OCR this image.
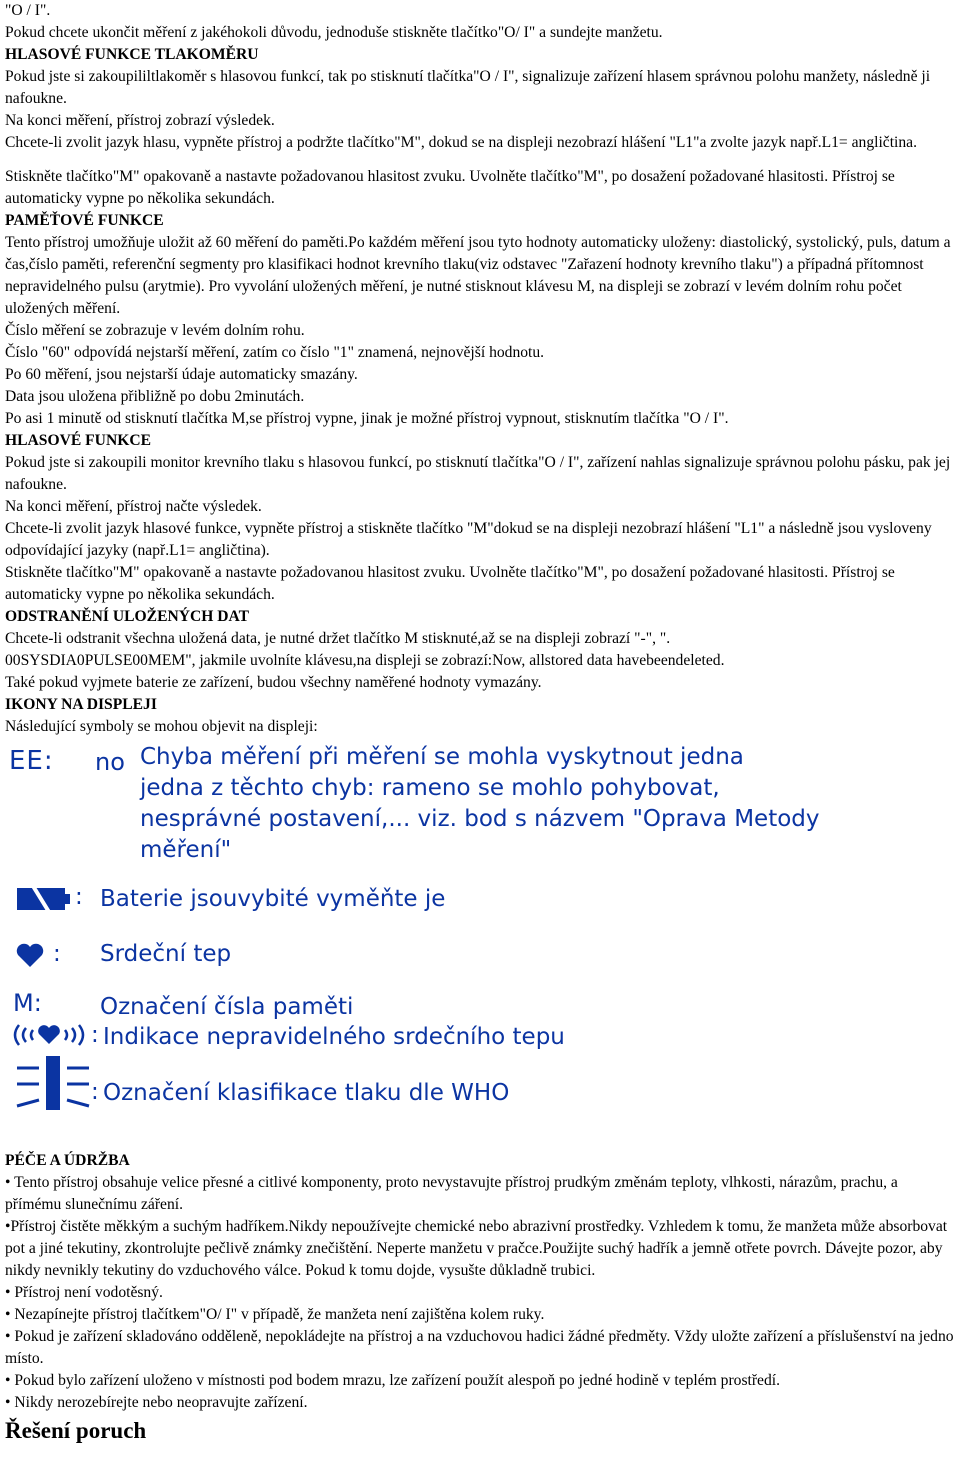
"O / I".

Pokud chcete ukončit měření z jakéhokoli důvodu, jednoduše stiskněte tlačítko"O/ I" a sundejte manžetu.

HLASOVÉ FUNKCE TLAKOMĚRU

Pokud jste si zakoupililtlakoměr s hlasovou funkcí, tak po stisknutí tlačítka"O / I", signalizuje zařízení hlasem správnou polohu manžety, následně ji nafoukne.

Na konci měření, přístroj zobrazí výsledek.

Chcete-li zvolit jazyk hlasu, vypněte přístroj a podržte tlačítko"M", dokud se na displeji nezobrazí hlášení "L1"a zvolte jazyk např.L1= angličtina.

Stiskněte tlačítko"M" opakovaně a nastavte požadovanou hlasitost zvuku. Uvolněte tlačítko"M", po dosažení požadované hlasitosti. Přístroj se automaticky vypne po několika sekundách.

PAMĚŤOVÉ FUNKCE

Tento přístroj umožňuje uložit až 60 měření do paměti.Po každém měření jsou tyto hodnoty automaticky uloženy: diastolický, systolický, puls, datum a čas,číslo paměti, referenční segmenty pro klasifikaci hodnot krevního tlaku(viz odstavec "Zařazení hodnoty krevního tlaku") a případná přítomnost nepravidelného pulsu (arytmie). Pro vyvolání uložených měření, je nutné stisknout klávesu M, na displeji se zobrazí v levém dolním rohu počet uložených měření.

Číslo měření se zobrazuje v levém dolním rohu.

Číslo "60" odpovídá nejstarší měření, zatím co číslo "1" znamená, nejnovější hodnotu.

Po 60 měření, jsou nejstarší údaje automaticky smazány.

Data jsou uložena přibližně po dobu 2minutách.

Po asi 1 minutě od stisknutí tlačítka M,se přístroj vypne, jinak je možné přístroj vypnout, stisknutím tlačítka "O / I".

HLASOVÉ FUNKCE

Pokud jste si zakoupili monitor krevního tlaku s hlasovou funkcí, po stisknutí tlačítka"O / I", zařízení nahlas signalizuje správnou polohu pásku, pak jej nafoukne.

Na konci měření, přístroj načte výsledek.

Chcete-li zvolit jazyk hlasové funkce, vypněte přístroj a stiskněte tlačítko "M"dokud se na displeji nezobrazí hlášení "L1" a následně jsou vysloveny odpovídající jazyky (např.L1= angličtina).

Stiskněte tlačítko"M" opakovaně a nastavte požadovanou hlasitost zvuku. Uvolněte tlačítko"M", po dosažení požadované hlasitosti. Přístroj se automaticky vypne po několika sekundách.

ODSTRANĚNÍ ULOŽENÝCH DAT

Chcete-li odstranit všechna uložená data, je nutné držet tlačítko M stisknuté,až se na displeji zobrazí "-", ".

00SYSDIA0PULSE00MEM", jakmile uvolníte klávesu,na displeji se zobrazí:Now, allstored data havebeendeleted.

Také pokud vyjmete baterie ze zařízení, budou všechny naměřené hodnoty vymazány.

IKONY NA DISPLEJI

Následující symboly se mohou objevit na displeji:

EE: no Chyba měření při měření se mohla vyskytnout jedna
jedna z těchto chyb: rameno se mohlo pohybovat,
nesprávné postavení,... viz. bod s názvem "Oprava Metody
měření"
: Baterie jsouvybité vyměňte je
: Srdeční tep
M:	Označení čísla paměti
: Indikace nepravidelného srdečního tepu
: Označení klasifikace tlaku dle WHO

PÉČE A ÚDRŽBA

• Tento přístroj obsahuje velice přesné a citlivé komponenty, proto nevystavujte přístroj prudkým změnám teploty, vlhkosti, nárazům, prachu, a přímému slunečnímu záření.

•Přístroj čistěte měkkým a suchým hadříkem.Nikdy nepoužívejte chemické nebo abrazivní prostředky. Vzhledem k tomu, že manžeta může absorbovat pot a jiné tekutiny, zkontrolujte pečlivě známky znečištění. Neperte manžetu v pračce.Použijte suchý hadřík a jemně otřete povrch. Dávejte pozor, aby nikdy nevnikly tekutiny do vzduchového válce. Pokud k tomu dojde, vysušte důkladně trubici.

• Přístroj není vodotěsný.

• Nezapínejte přístroj tlačítkem"O/ I" v případě, že manžeta není zajištěna kolem ruky.

• Pokud je zařízení skladováno odděleně, nepokládejte na přístroj a na vzduchovou hadici žádné předměty. Vždy uložte zařízení a příslušenství na jedno místo.

• Pokud bylo zařízení uloženo v místnosti pod bodem mrazu, lze zařízení použít alespoň po jedné hodině v teplém prostředí.

• Nikdy nerozebírejte nebo neopravujte zařízení.

Řešení poruch
